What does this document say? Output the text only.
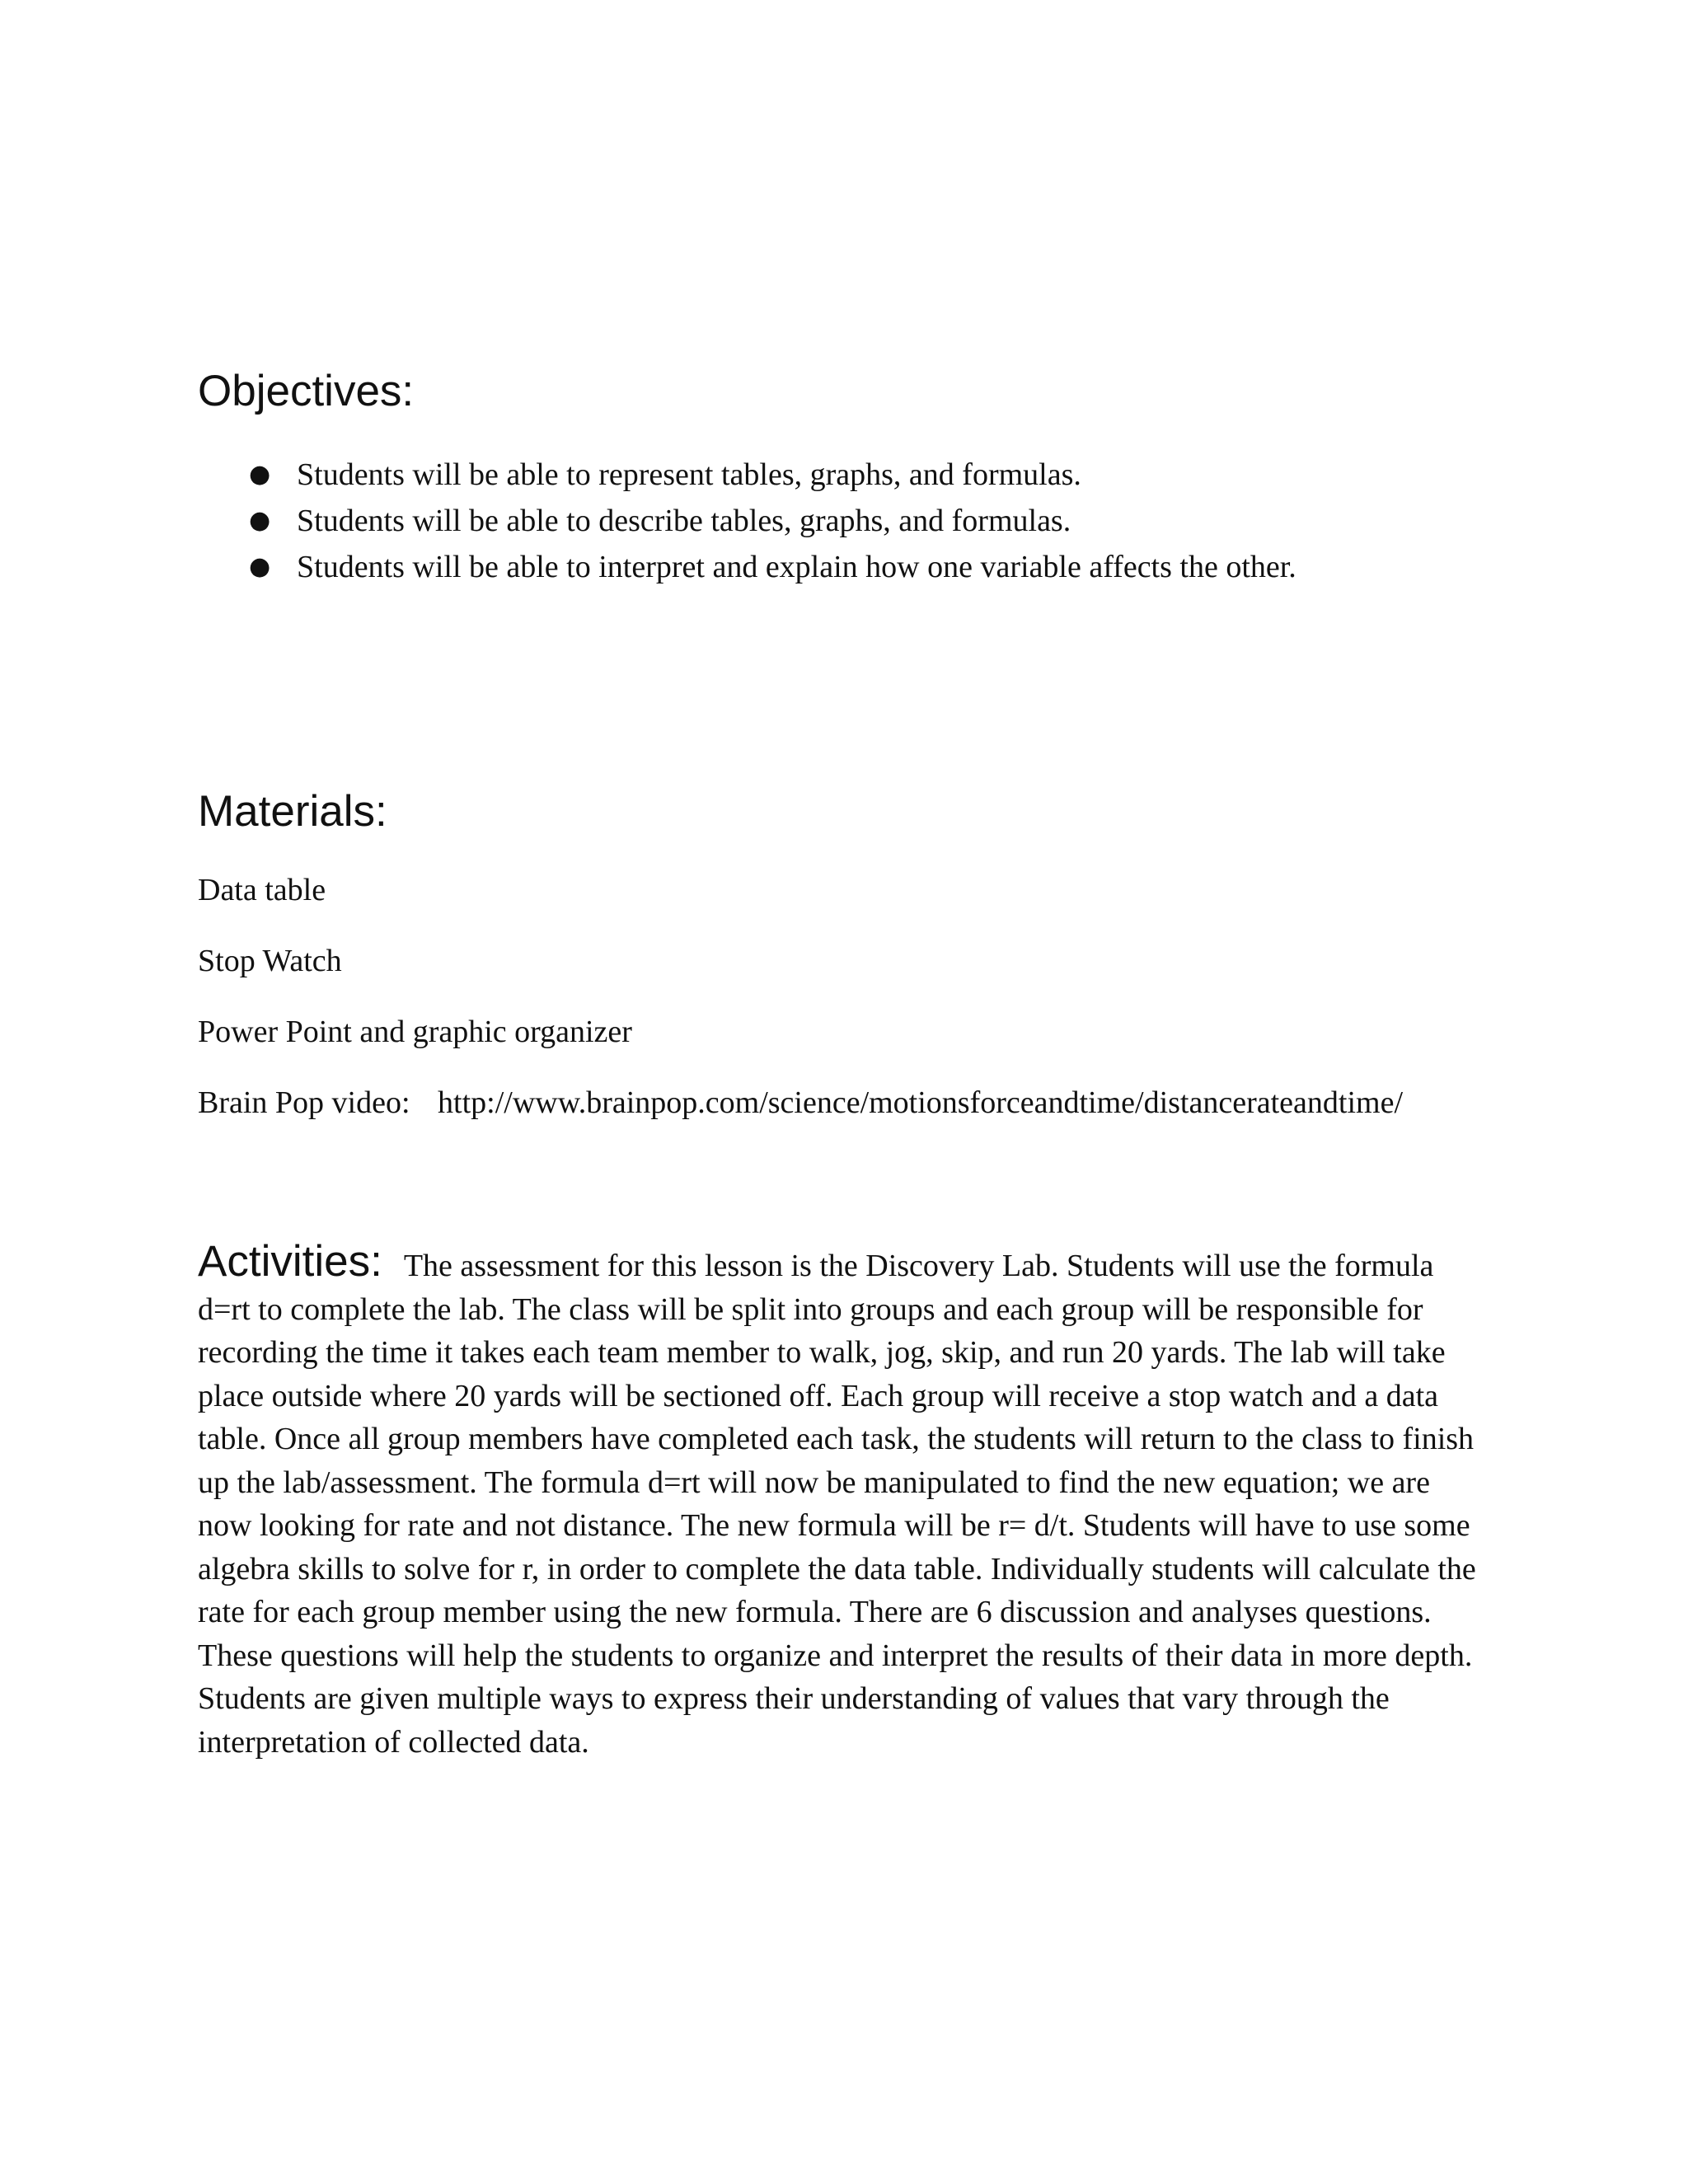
Objectives:
● Students will be able to represent tables, graphs, and formulas.
● Students will be able to describe tables, graphs, and formulas.
● Students will be able to interpret and explain how one variable affects the other.
Materials:
Data table
Stop Watch
Power Point and graphic organizer
Brain Pop video: http://www.brainpop.com/science/motionsforceandtime/distancerateandtime/

Activities: The assessment for this lesson is the Discovery Lab. Students will use the formula d=rt to complete the lab. The class will be split into groups and each group will be responsible for recording the time it takes each team member to walk, jog, skip, and run 20 yards. The lab will take place outside where 20 yards will be sectioned off. Each group will receive a stop watch and a data table. Once all group members have completed each task, the students will return to the class to finish up the lab/assessment. The formula d=rt will now be manipulated to find the new equation; we are now looking for rate and not distance. The new formula will be r= d/t. Students will have to use some algebra skills to solve for r, in order to complete the data table. Individually students will calculate the rate for each group member using the new formula. There are 6 discussion and analyses questions. These questions will help the students to organize and interpret the results of their data in more depth. Students are given multiple ways to express their understanding of values that vary through the interpretation of collected data.
